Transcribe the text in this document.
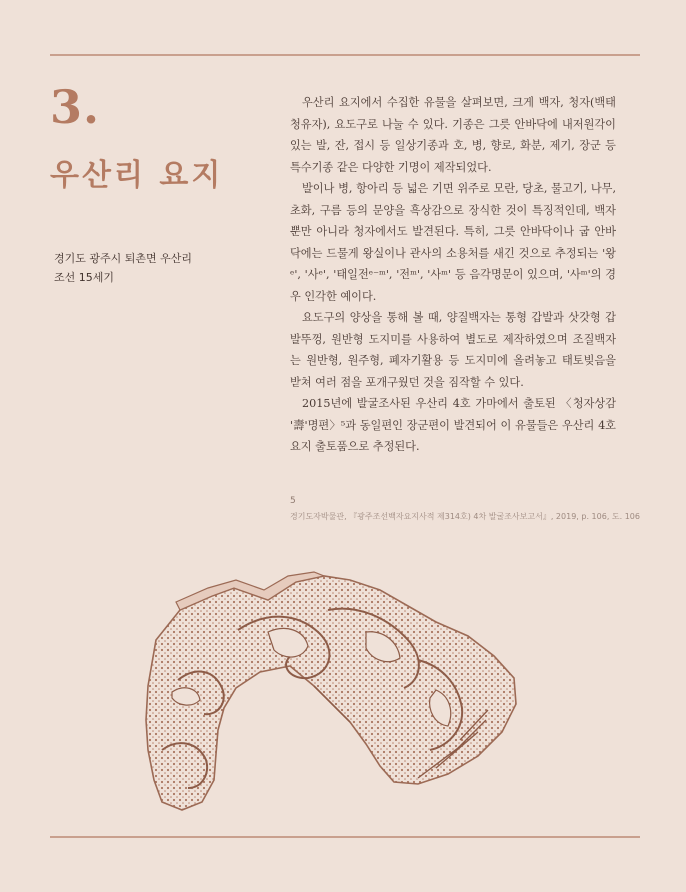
3.
우산리 요지
경기도 광주시 퇴촌면 우산리
조선 15세기

우산리 요지에서 수집한 유물을 살펴보면, 크게 백자, 청자(백태청유자), 요도구로 나눌 수 있다. 기종은 그릇 안바닥에 내저원각이 있는 발, 잔, 접시 등 일상기종과 호, 병, 향로, 화분, 제기, 장군 등 특수기종 같은 다양한 기명이 제작되었다.

발이나 병, 항아리 등 넓은 기면 위주로 모란, 당초, 물고기, 나무, 초화, 구름 등의 문양을 흑상감으로 장식한 것이 특징적인데, 백자뿐만 아니라 청자에서도 발견된다. 특히, 그릇 안바닥이나 굽 안바닥에는 드물게 왕실이나 관사의 소용처를 새긴 것으로 추정되는 '왕ᵉ', '사ᵉ', '태일전ᵉ⁻ᵐ', '전ᵐ', '사ᵐ' 등 음각명문이 있으며, '사ᵐ'의 경우 인각한 예이다.

요도구의 양상을 통해 볼 때, 양질백자는 통형 갑발과 삿갓형 갑발뚜껑, 원반형 도지미를 사용하여 별도로 제작하였으며 조질백자는 원반형, 원주형, 폐자기활용 등 도지미에 올려놓고 태토빚음을 받쳐 여러 점을 포개구웠던 것을 짐작할 수 있다.

2015년에 발굴조사된 우산리 4호 가마에서 출토된 〈청자상감 '壽'명편〉⁵과 동일편인 장군편이 발견되어 이 유물들은 우산리 4호 요지 출토품으로 추정된다.

5
경기도자박물관, 『광주조선백자요지사적 제314호) 4차 발굴조사보고서』, 2019, p. 106, 도. 106
